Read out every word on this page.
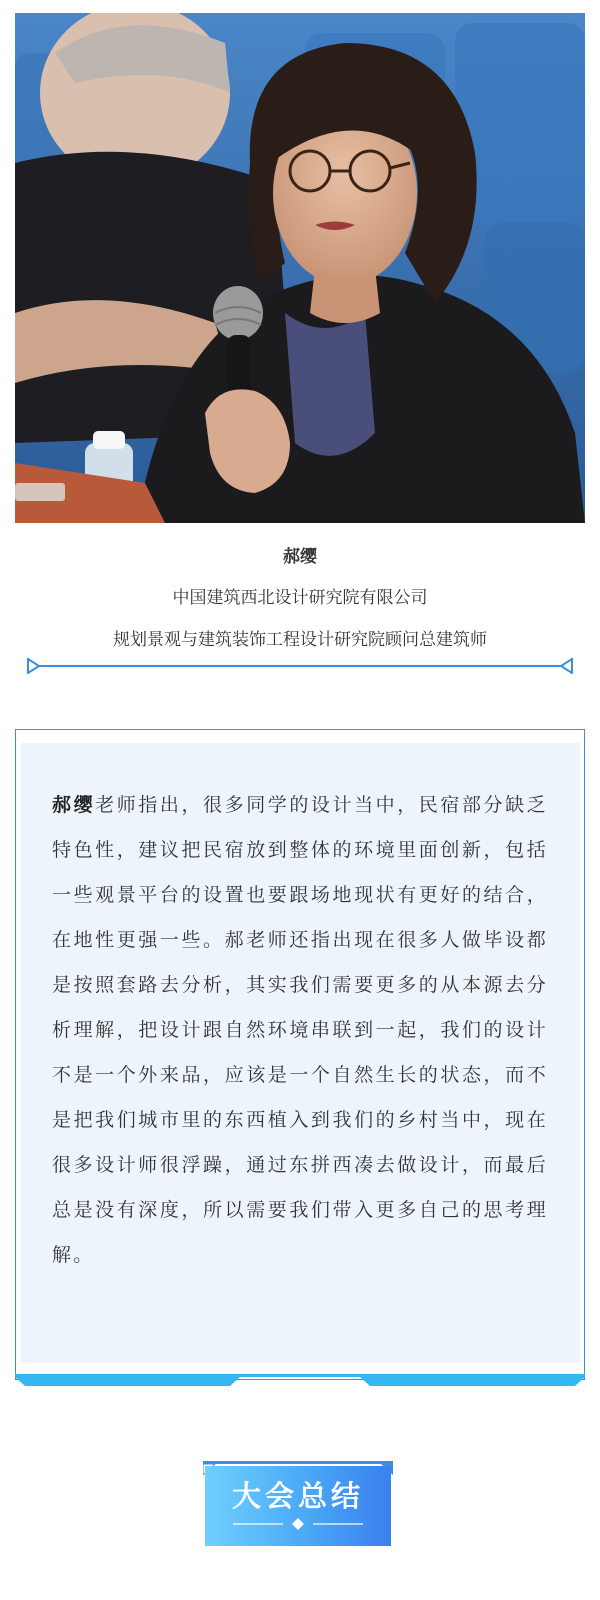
郝缨
中国建筑西北设计研究院有限公司
规划景观与建筑装饰工程设计研究院顾问总建筑师
郝缨老师指出，很多同学的设计当中，民宿部分缺乏特色性，建议把民宿放到整体的环境里面创新，包括一些观景平台的设置也要跟场地现状有更好的结合，在地性更强一些。郝老师还指出现在很多人做毕设都是按照套路去分析，其实我们需要更多的从本源去分析理解，把设计跟自然环境串联到一起，我们的设计不是一个外来品，应该是一个自然生长的状态，而不是把我们城市里的东西植入到我们的乡村当中，现在很多设计师很浮躁，通过东拼西凑去做设计，而最后总是没有深度，所以需要我们带入更多自己的思考理解。
大会总结
